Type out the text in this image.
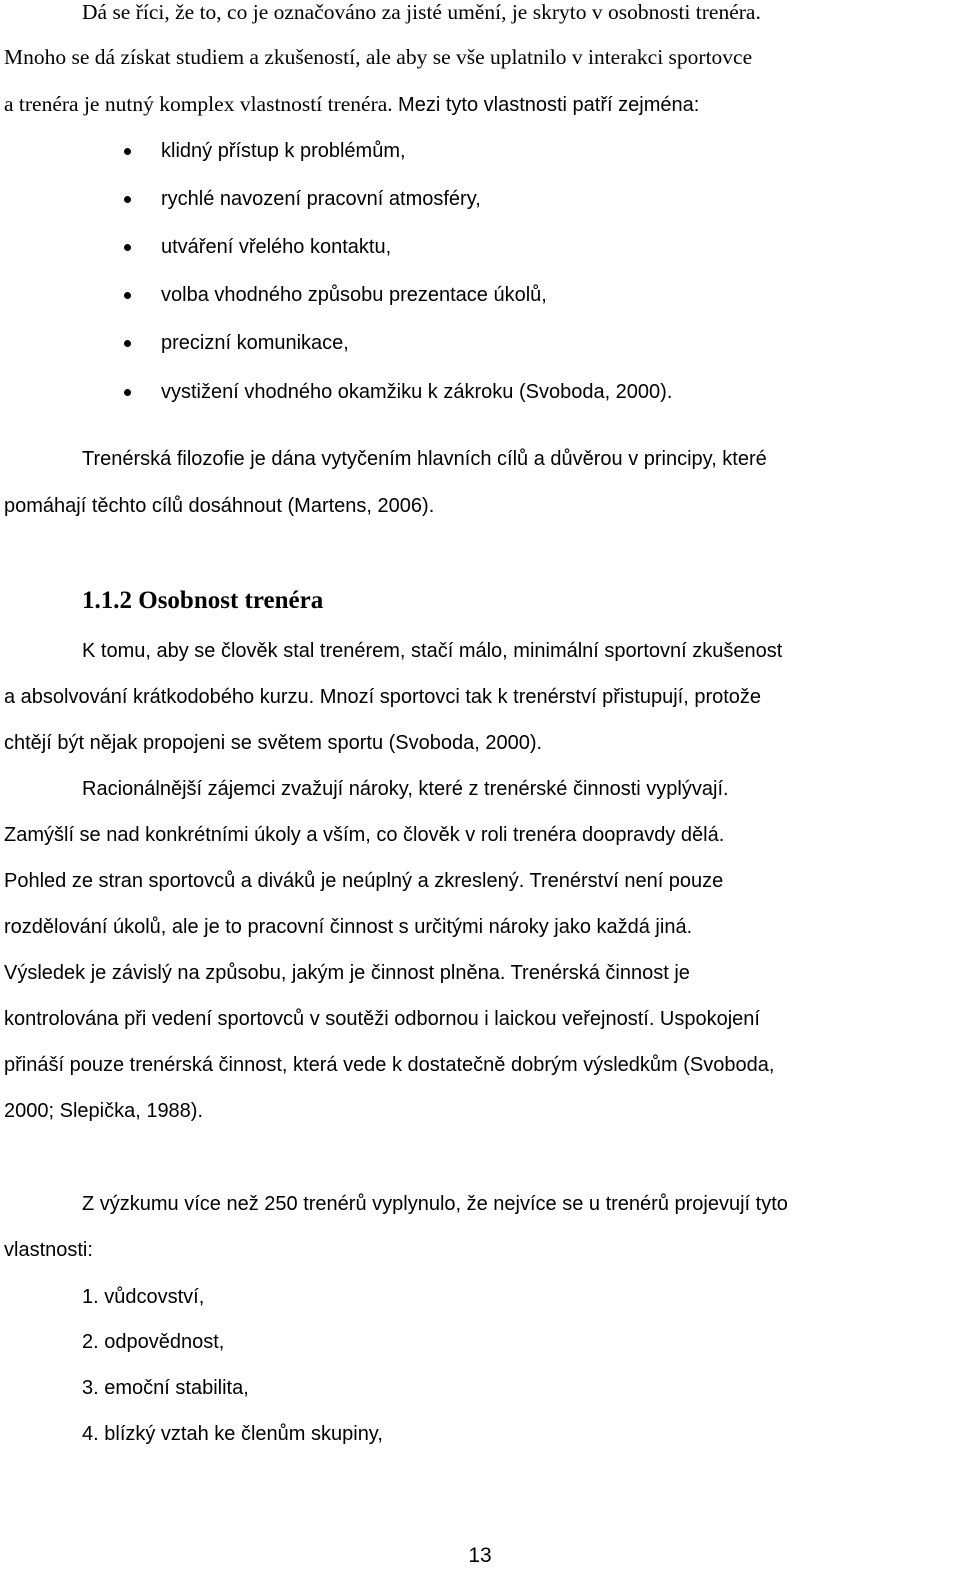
Dá se říci, že to, co je označováno za jisté umění, je skryto v osobnosti trenéra.
Mnoho se dá získat studiem a zkušeností, ale aby se vše uplatnilo v interakci sportovce
a trenéra je nutný komplex vlastností trenéra. Mezi tyto vlastnosti patří zejména:
klidný přístup k problémům,
rychlé navození pracovní atmosféry,
utváření vřelého kontaktu,
volba vhodného způsobu prezentace úkolů,
precizní komunikace,
vystižení vhodného okamžiku k zákroku (Svoboda, 2000).
Trenérská filozofie je dána vytyčením hlavních cílů a důvěrou v principy, které
pomáhají těchto cílů dosáhnout (Martens, 2006).
1.1.2 Osobnost trenéra
K tomu, aby se člověk stal trenérem, stačí málo, minimální sportovní zkušenost
a absolvování krátkodobého kurzu. Mnozí sportovci tak k trenérství přistupují, protože
chtějí být nějak propojeni se světem sportu (Svoboda, 2000).
Racionálnější zájemci zvažují nároky, které z trenérské činnosti vyplývají.
Zamýšlí se nad konkrétními úkoly a vším, co člověk v roli trenéra doopravdy dělá.
Pohled ze stran sportovců a diváků je neúplný a zkreslený. Trenérství není pouze
rozdělování úkolů, ale je to pracovní činnost s určitými nároky jako každá jiná.
Výsledek je závislý na způsobu, jakým je činnost plněna. Trenérská činnost je
kontrolována při vedení sportovců v soutěži odbornou i laickou veřejností. Uspokojení
přináší pouze trenérská činnost, která vede k dostatečně dobrým výsledkům (Svoboda,
2000; Slepička, 1988).
Z výzkumu více než 250 trenérů vyplynulo, že nejvíce se u trenérů projevují tyto
vlastnosti:
1. vůdcovství,
2. odpovědnost,
3. emoční stabilita,
4. blízký vztah ke členům skupiny,
13
